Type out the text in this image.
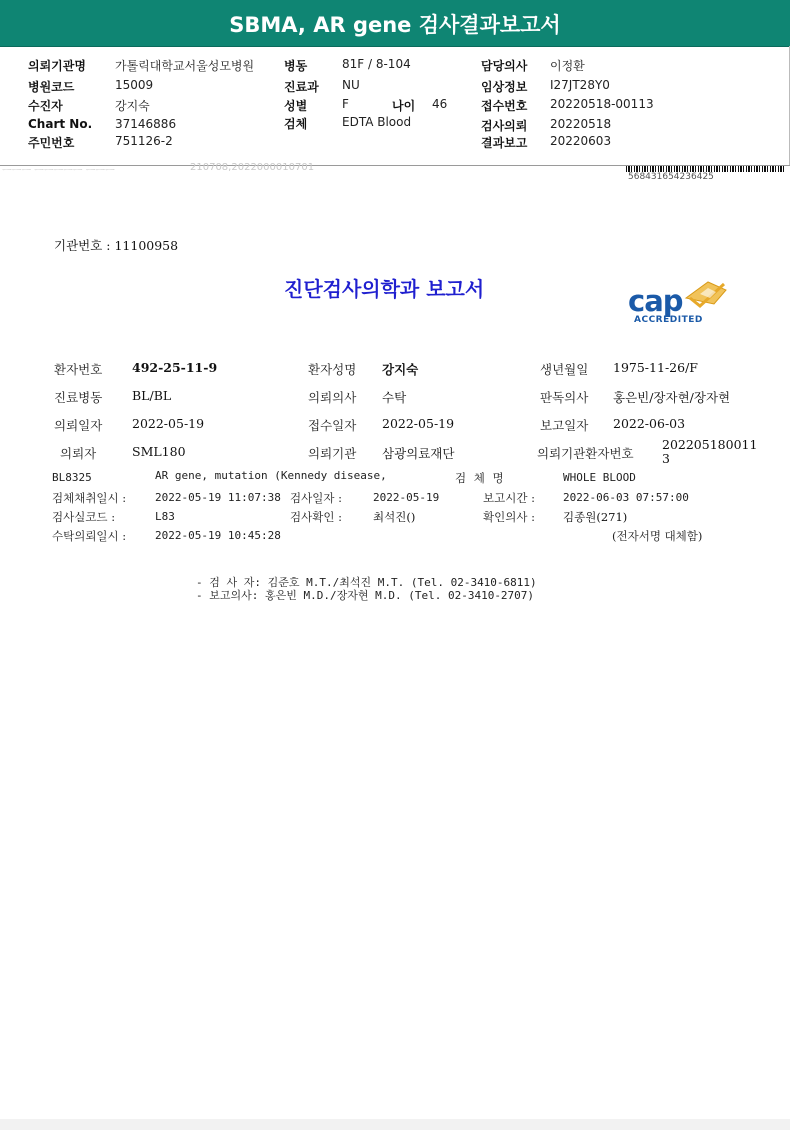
SBMA, AR gene 검사결과보고서
의뢰기관명 가톨릭대학교서울성모병원 병동	81F / 8-104	담당의사 이정환
병원코드	15009	진료과 NU	임상정보 I27JT28Y0
수진자	강지숙	성별	F	나이 46	접수번호 20220518-00113
Chart No. 37146886	검체	EDTA Blood	검사의뢰 20220518
주민번호	751126-2	결과보고 20220603
ㅡㅡㅡ ㅡㅡㅡㅡㅡ ㅡㅡㅡ	210708,2022000010701
568431654236425
기관번호 : 11100958
진단검사의학과 보고서	cap
ACCREDITED
환자번호 492-25-11-9	환자성명 강지숙	생년월일 1975-11-26/F
진료병동 BL/BL	의뢰의사 수탁	판독의사 홍은빈/장자현/장자현
의뢰일자 2022-05-19	접수일자 2022-05-19	보고일자 2022-06-03
의뢰자	SML180	의뢰기관 삼광의료재단	의뢰기관환자번호
202205180011
3
BL8325	AR gene, mutation (Kennedy disease,	검 체 명	WHOLE BLOOD
검체채취일시 :	2022-05-19 11:07:38 검사일자 :	2022-05-19	보고시간 :	2022-06-03 07:57:00
검사실코드 :	L83	검사확인 :	최석진()	확인의사 : 김종원(271)
수탁의뢰일시 :	2022-05-19 10:45:28	(전자서명 대체함)
- 검 사 자: 김준호 M.T./최석진 M.T. (Tel. 02-3410-6811)
- 보고의사: 홍은빈 M.D./장자현 M.D. (Tel. 02-3410-2707)
